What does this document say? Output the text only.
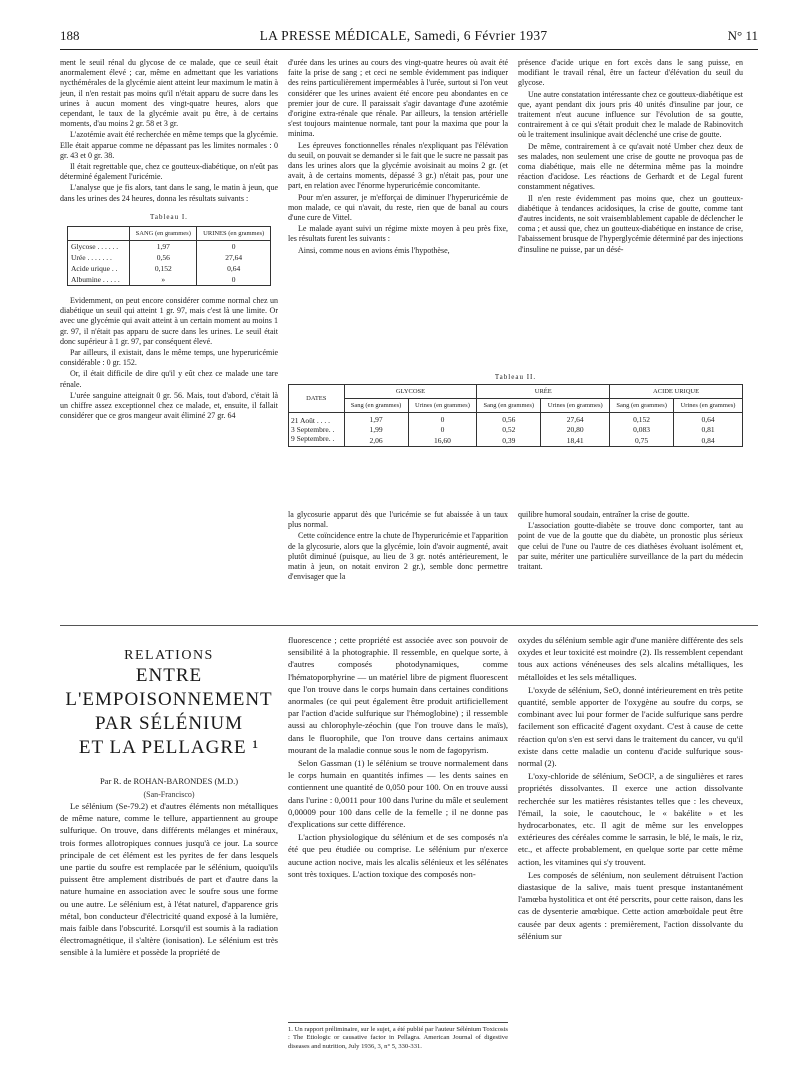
188	LA PRESSE MÉDICALE, Samedi, 6 Février 1937	N° 11

ment le seuil rénal du glycose de ce malade, que ce seuil était anormalement élevé ; car, même en admettant que les variations nycthémérales de la glycémie aient atteint leur maximum le matin à jeun, il n'en restait pas moins qu'il n'était apparu de sucre dans les urines à aucun moment des vingt-quatre heures, alors que cependant, le taux de la glycémie avait pu être, à de certains moments, d'au moins 2 gr. 58 et 3 gr.

L'azotémie avait été recherchée en même temps que la glycémie. Elle était apparue comme ne dépassant pas les limites normales : 0 gr. 43 et 0 gr. 38.

Il était regrettable que, chez ce goutteux-diabétique, on n'eût pas déterminé également l'uricémie.

L'analyse que je fis alors, tant dans le sang, le matin à jeun, que dans les urines des 24 heures, donna les résultats suivants :

Tableau I.
	SANG (en grammes)	URINES (en grammes)
Glycose . . . . . .	1,97	0
Urée . . . . . . .	0,56	27,64
Acide urique . .	0,152	0,64
Albumine . . . . .	»	0

Evidemment, on peut encore considérer comme normal chez un diabétique un seuil qui atteint 1 gr. 97, mais c'est là une limite. Or avec une glycémie qui avait atteint à un certain moment au moins 1 gr. 97, il n'était pas apparu de sucre dans les urines. Le seuil était donc supérieur à 1 gr. 97, par conséquent élevé.

Par ailleurs, il existait, dans le même temps, une hyperuricémie considérable : 0 gr. 152.

Or, il était difficile de dire qu'il y eût chez ce malade une tare rénale.

L'urée sanguine atteignait 0 gr. 56. Mais, tout d'abord, c'était là un chiffre assez exceptionnel chez ce malade, et, ensuite, il fallait considérer que ce gros mangeur avait éliminé 27 gr. 64

d'urée dans les urines au cours des vingt-quatre heures où avait été faite la prise de sang ; et ceci ne semble évidemment pas indiquer des reins particulièrement imperméables à l'urée, surtout si l'on veut considérer que les urines avaient été encore peu abondantes en ce premier jour de cure. Il paraissait s'agir davantage d'une azotémie d'origine extra-rénale que rénale. Par ailleurs, la tension artérielle s'est toujours maintenue normale, tant pour la maxima que pour la minima.

Les épreuves fonctionnelles rénales n'expliquant pas l'élévation du seuil, on pouvait se demander si le fait que le sucre ne passait pas dans les urines alors que la glycémie avoisinait au moins 2 gr. (et avait, à de certains moments, dépassé 3 gr.) n'était pas, pour une part, en relation avec l'énorme hyperuricémie concomitante.

Pour m'en assurer, je m'efforçai de diminuer l'hyperuricémie de mon malade, ce qui n'avait, du reste, rien que de banal au cours d'une cure de Vittel.

Le malade ayant suivi un régime mixte moyen à peu près fixe, les résultats furent les suivants :

Ainsi, comme nous en avions émis l'hypothèse,

présence d'acide urique en fort excès dans le sang puisse, en modifiant le travail rénal, être un facteur d'élévation du seuil du glycose.

Une autre constatation intéressante chez ce goutteux-diabétique est que, ayant pendant dix jours pris 40 unités d'insuline par jour, ce traitement n'eut aucune influence sur l'évolution de sa goutte, contrairement à ce qui s'était produit chez le malade de Rabinovitch où le traitement insulinique avait déclenché une crise de goutte.

De même, contrairement à ce qu'avait noté Umber chez deux de ses malades, non seulement une crise de goutte ne provoqua pas de coma diabétique, mais elle ne détermina même pas la moindre réaction d'acidose. Les réactions de Gerhardt et de Legal furent constamment négatives.

Il n'en reste évidemment pas moins que, chez un goutteux-diabétique à tendances acidosiques, la crise de goutte, comme tant d'autres incidents, ne soit vraisemblablement capable de déclencher le coma ; et aussi que, chez un goutteux-diabétique en instance de crise, l'abaissement brusque de l'hyperglycémie déterminé par des injections d'insuline ne puisse, par un désé-

Tableau II.
DATES	GLYCOSE		URÉE		ACIDE URIQUE	
	Sang (en grammes)	Urines (en grammes)	Sang (en grammes)	Urines (en grammes)	Sang (en grammes)	Urines (en grammes)
21 Août . . . .	1,97	0	0,56	27,64	0,152	0,64
3 Septembre. .	1,99	0	0,52	20,80	0,083	0,81
9 Septembre. .	2,06	16,60	0,39	18,41	0,75	0,84

la glycosurie apparut dès que l'uricémie se fut abaissée à un taux plus normal.

Cette coïncidence entre la chute de l'hyperuricémie et l'apparition de la glycosurie, alors que la glycémie, loin d'avoir augmenté, avait plutôt diminué (puisque, au lieu de 3 gr. notés antérieurement, le matin à jeun, on notait environ 2 gr.), semble donc permettre d'envisager que la

quilibre humoral soudain, entraîner la crise de goutte.

L'association goutte-diabète se trouve donc comporter, tant au point de vue de la goutte que du diabète, un pronostic plus sérieux que celui de l'une ou l'autre de ces diathèses évoluant isolément et, par suite, mériter une particulière surveillance de la part du médecin traitant.

RELATIONS
ENTRE L'EMPOISONNEMENT
PAR SÉLÉNIUM
ET LA PELLAGRE ¹
Par R. de ROHAN-BARONDES (M.D.)
(San-Francisco)

Le sélénium (Se-79.2) et d'autres éléments non métalliques de même nature, comme le tellure, appartiennent au groupe sulfurique. On trouve, dans différents mélanges et minéraux, trois formes allotropiques connues jusqu'à ce jour. La source principale de cet élément est les pyrites de fer dans lesquels une partie du soufre est remplacée par le sélénium, quoiqu'ils puissent être amplement distribués de part et d'autre dans la nature humaine en association avec le soufre sous une forme ou une autre. Le sélénium est, à l'état naturel, d'apparence gris métal, bon conducteur d'électricité quand exposé à la lumière, mais faible dans l'obscurité. Lorsqu'il est soumis à la radiation électromagnétique, il s'altère (ionisation). Le sélénium est très sensible à la lumière et possède la propriété de

fluorescence ; cette propriété est associée avec son pouvoir de sensibilité à la photographie. Il ressemble, en quelque sorte, à d'autres composés photodynamiques, comme l'hématoporphyrine — un matériel libre de pigment fluorescent que l'on trouve dans le corps humain dans certaines conditions anormales (ce qui peut également être produit artificiellement par l'action d'acide sulfurique sur l'hémoglobine) ; il ressemble aussi au chlorophyle-zéochin (que l'on trouve dans le maïs), dans le fluorophile, que l'on trouve dans certains animaux mourant de la maladie connue sous le nom de fagopyrism.

Selon Gassman (1) le sélénium se trouve normalement dans le corps humain en quantités infimes — les dents saines en contiennent une quantité de 0,050 pour 100. On en trouve aussi dans l'urine : 0,0011 pour 100 dans l'urine du mâle et seulement 0,00009 pour 100 dans celle de la femelle ; il ne donne pas d'explications sur cette différence.

L'action physiologique du sélénium et de ses composés n'a été que peu étudiée ou comprise. Le sélénium pur n'exerce aucune action nocive, mais les alcalis sélénieux et les sélénates sont très toxiques. L'action toxique des composés non-

oxydes du sélénium semble agir d'une manière différente des sels oxydes et leur toxicité est moindre (2). Ils ressemblent cependant tous aux actions vénéneuses des sels alcalins métalliques, les métalloïdes et les sels métalliques.

L'oxyde de sélénium, SeO, donné intérieurement en très petite quantité, semble apporter de l'oxygène au soufre du corps, se combinant avec lui pour former de l'acide sulfurique sans perdre facilement son efficacité d'agent oxydant. C'est à cause de cette réaction qu'on s'en est servi dans le traitement du cancer, vu qu'il existe dans cette maladie un contenu d'acide sulfurique sous-normal (2).

L'oxy-chloride de sélénium, SeOCl², a de singulières et rares propriétés dissolvantes. Il exerce une action dissolvante recherchée sur les matières résistantes telles que : les cheveux, l'émail, la soie, le caoutchouc, le « bakélite » et les hydrocarbonates, etc. Il agit de même sur les enveloppes extérieures des céréales comme le sarrasin, le blé, le maïs, le riz, etc., et affecte probablement, en quelque sorte par cette même action, les vitamines qui s'y trouvent.

Les composés de sélénium, non seulement détruisent l'action diastasique de la salive, mais tuent presque instantanément l'amœba hystolitica et ont été perscrits, pour cette raison, dans les cas de dysenterie amœbique. Cette action amœboïdale peut être causée par deux agents : premièrement, l'action dissolvante du sélénium sur

1. Un rapport préliminaire, sur le sujet, a été publié par l'auteur Sélénium Toxicosis : The Etiologic or causative factor in Pellagra. American Journal of digestive diseases and nutrition, July 1936, 3, n° 5, 330-331.
